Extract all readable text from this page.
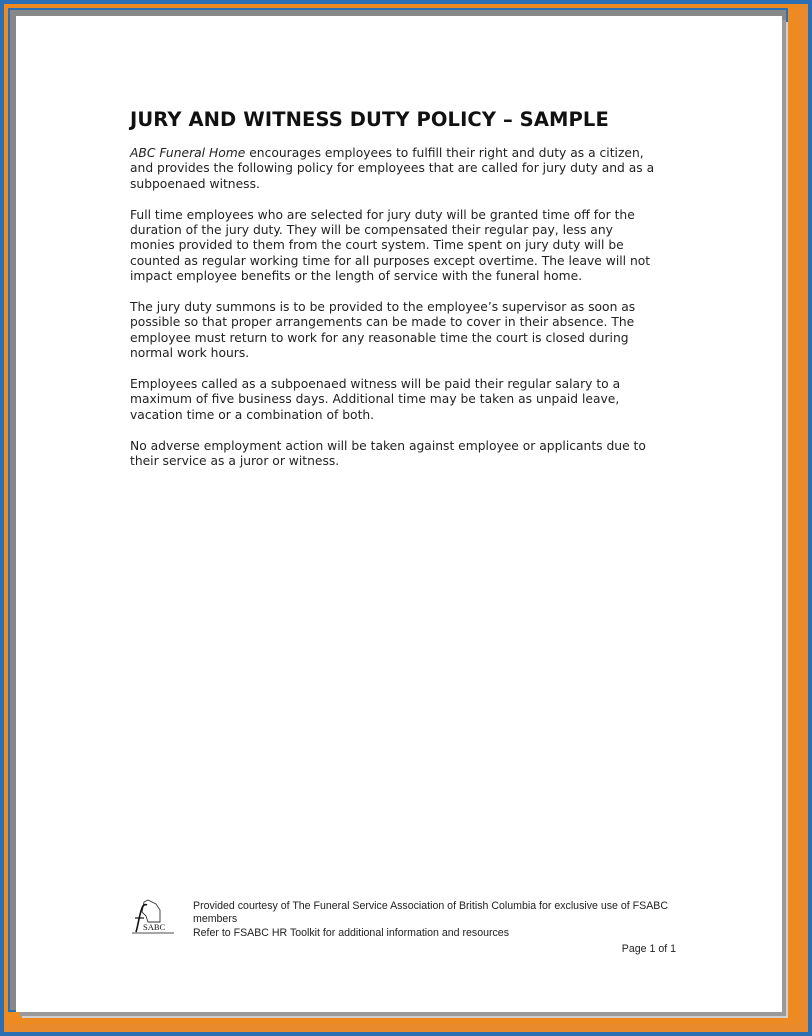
JURY AND WITNESS DUTY POLICY – SAMPLE

ABC Funeral Home encourages employees to fulfill their right and duty as a citizen,
and provides the following policy for employees that are called for jury duty and as a
subpoenaed witness.

Full time employees who are selected for jury duty will be granted time off for the
duration of the jury duty. They will be compensated their regular pay, less any
monies provided to them from the court system. Time spent on jury duty will be
counted as regular working time for all purposes except overtime. The leave will not
impact employee benefits or the length of service with the funeral home.

The jury duty summons is to be provided to the employee’s supervisor as soon as
possible so that proper arrangements can be made to cover in their absence. The
employee must return to work for any reasonable time the court is closed during
normal work hours.

Employees called as a subpoenaed witness will be paid their regular salary to a
maximum of five business days. Additional time may be taken as unpaid leave,
vacation time or a combination of both.

No adverse employment action will be taken against employee or applicants due to
their service as a juror or witness.

SABC
Provided courtesy of The Funeral Service Association of British Columbia for exclusive use of FSABC
members
Refer to FSABC HR Toolkit for additional information and resources
Page 1 of 1
